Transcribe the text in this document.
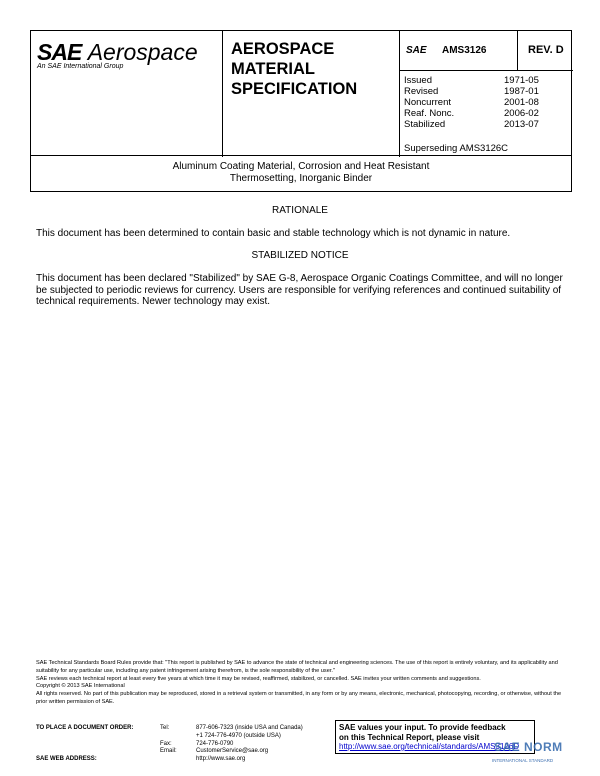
SAE Aerospace
An SAE International Group
AEROSPACE
MATERIAL
SPECIFICATION
SAE AMS3126	REV. D
Issued	1971-05
Revised	1987-01
Noncurrent	2001-08
Reaf. Nonc.	2006-02
Stabilized	2013-07
Superseding AMS3126C
Aluminum Coating Material, Corrosion and Heat Resistant
Thermosetting, Inorganic Binder
RATIONALE
This document has been determined to contain basic and stable technology which is not dynamic in nature.
STABILIZED NOTICE
This document has been declared "Stabilized" by SAE G-8, Aerospace Organic Coatings Committee, and will no longer be subjected to periodic reviews for currency. Users are responsible for verifying references and continued suitability of technical requirements. Newer technology may exist.

SAE Technical Standards Board Rules provide that: "This report is published by SAE to advance the state of technical and engineering sciences. The use of this report is entirely voluntary, and its applicability and suitability for any particular use, including any patent infringement arising therefrom, is the sole responsibility of the user."

SAE reviews each technical report at least every five years at which time it may be revised, reaffirmed, stabilized, or cancelled. SAE invites your written comments and suggestions.

Copyright © 2013 SAE International

All rights reserved. No part of this publication may be reproduced, stored in a retrieval system or transmitted, in any form or by any means, electronic, mechanical, photocopying, recording, or otherwise, without the prior written permission of SAE.

TO PLACE A DOCUMENT ORDER:	Tel:	877-606-7323 (inside USA and Canada)
+1 724-776-4970 (outside USA)
Fax:	724-776-0790
Email:	CustomerService@sae.org
SAE WEB ADDRESS:	http://www.sae.org
SAE values your input. To provide feedback
on this Technical Report, please visit
http://www.sae.org/technical/standards/AMS3126D
SAE NORM
INTERNATIONAL STANDARD
